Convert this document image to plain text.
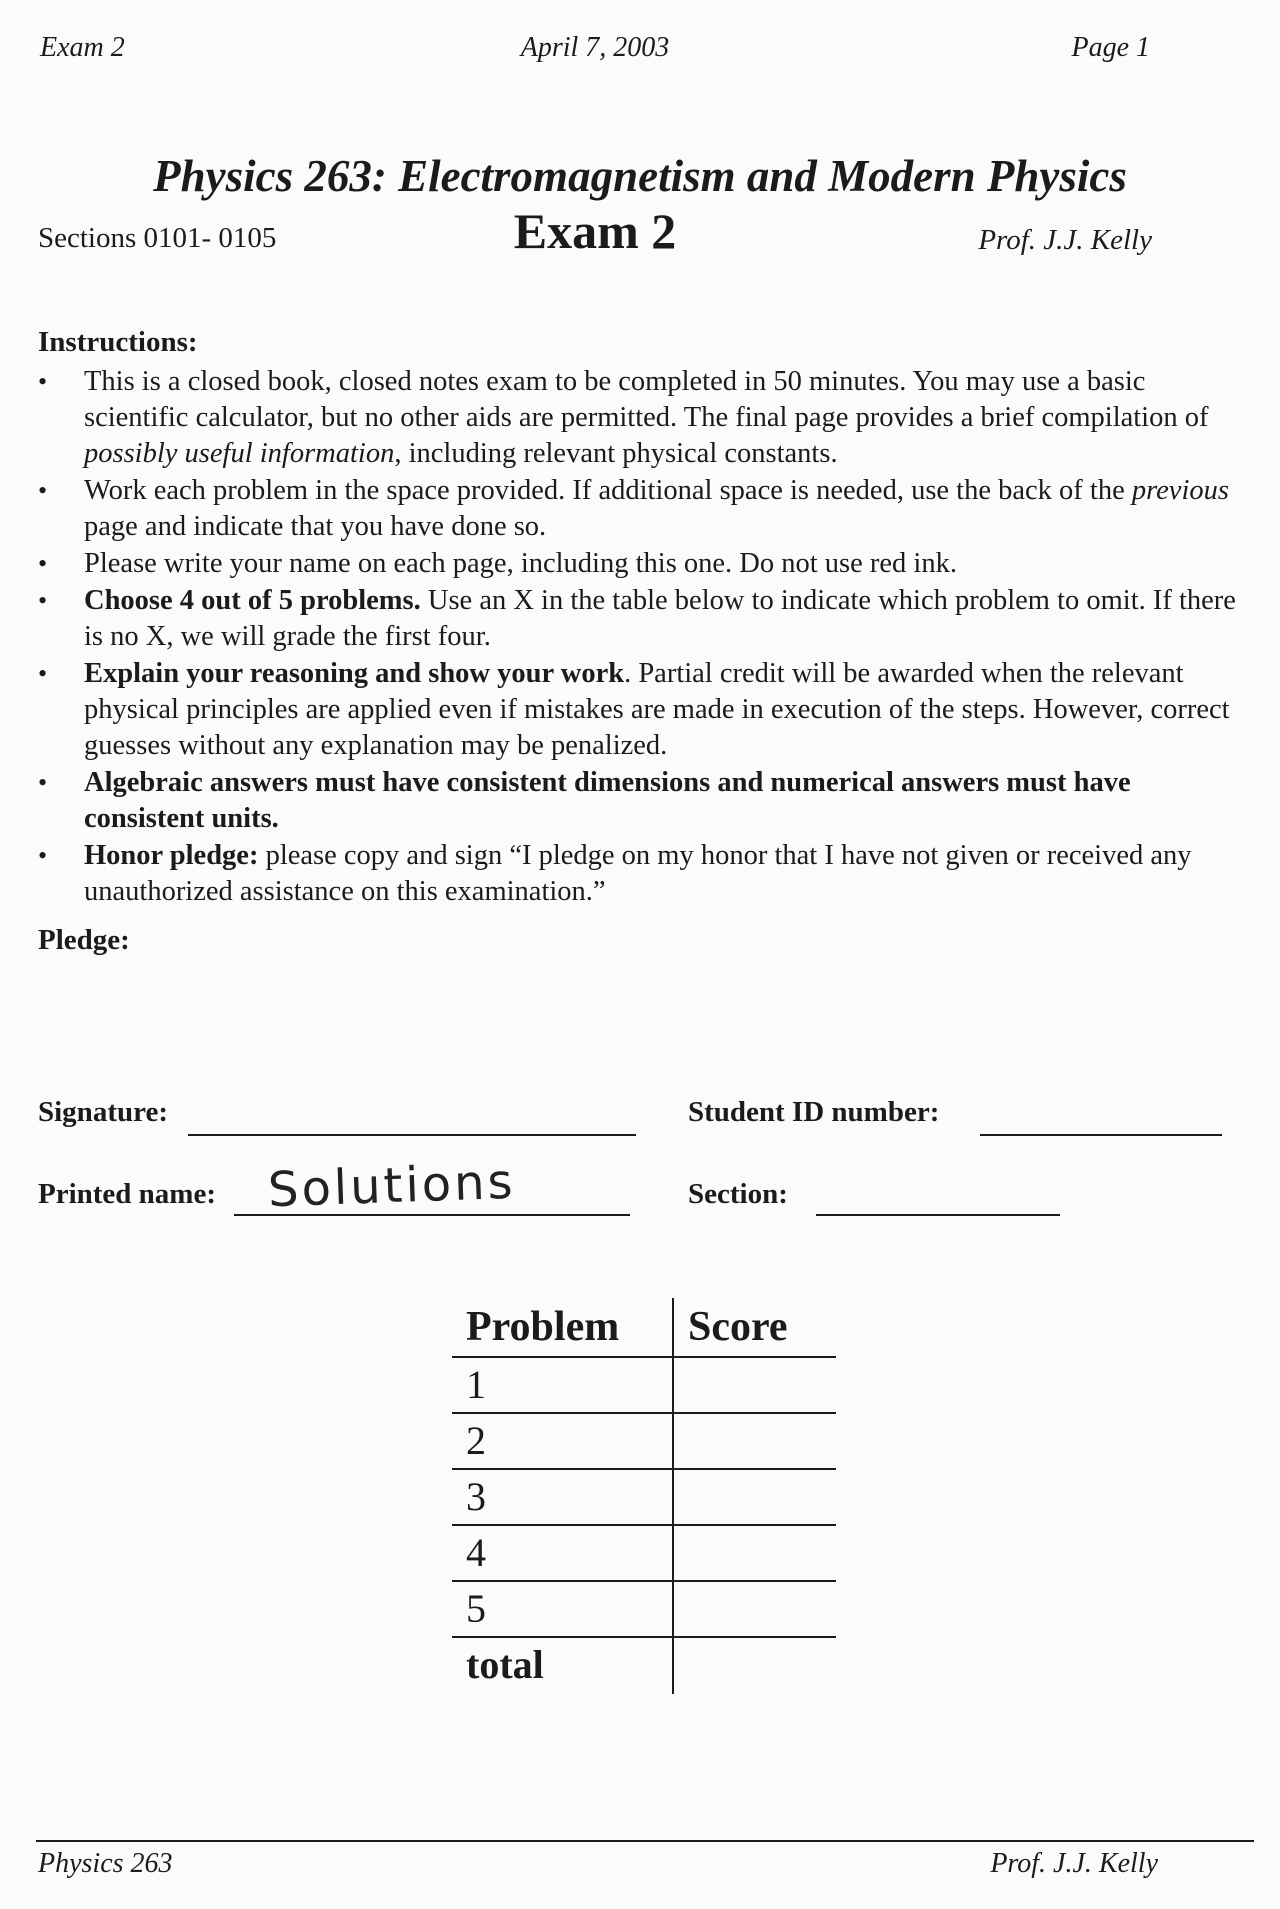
Exam 2	April 7, 2003	Page 1
Physics 263: Electromagnetism and Modern Physics
Sections 0101- 0105	Exam 2	Prof. J.J. Kelly
Instructions:
• This is a closed book, closed notes exam to be completed in 50 minutes. You may use a basic scientific calculator, but no other aids are permitted. The final page provides a brief compilation of possibly useful information, including relevant physical constants.
• Work each problem in the space provided. If additional space is needed, use the back of the previous page and indicate that you have done so.
• Please write your name on each page, including this one. Do not use red ink.
• Choose 4 out of 5 problems. Use an X in the table below to indicate which problem to omit. If there is no X, we will grade the first four.
• Explain your reasoning and show your work. Partial credit will be awarded when the relevant physical principles are applied even if mistakes are made in execution of the steps. However, correct guesses without any explanation may be penalized.
• Algebraic answers must have consistent dimensions and numerical answers must have consistent units.
• Honor pledge: please copy and sign “I pledge on my honor that I have not given or received any unauthorized assistance on this examination.”
Pledge:
Signature:	Student ID number:
Printed name: Solutions	Section:
Problem	Score
1	
2	
3	
4	
5	
total	
Physics 263	Prof. J.J. Kelly
